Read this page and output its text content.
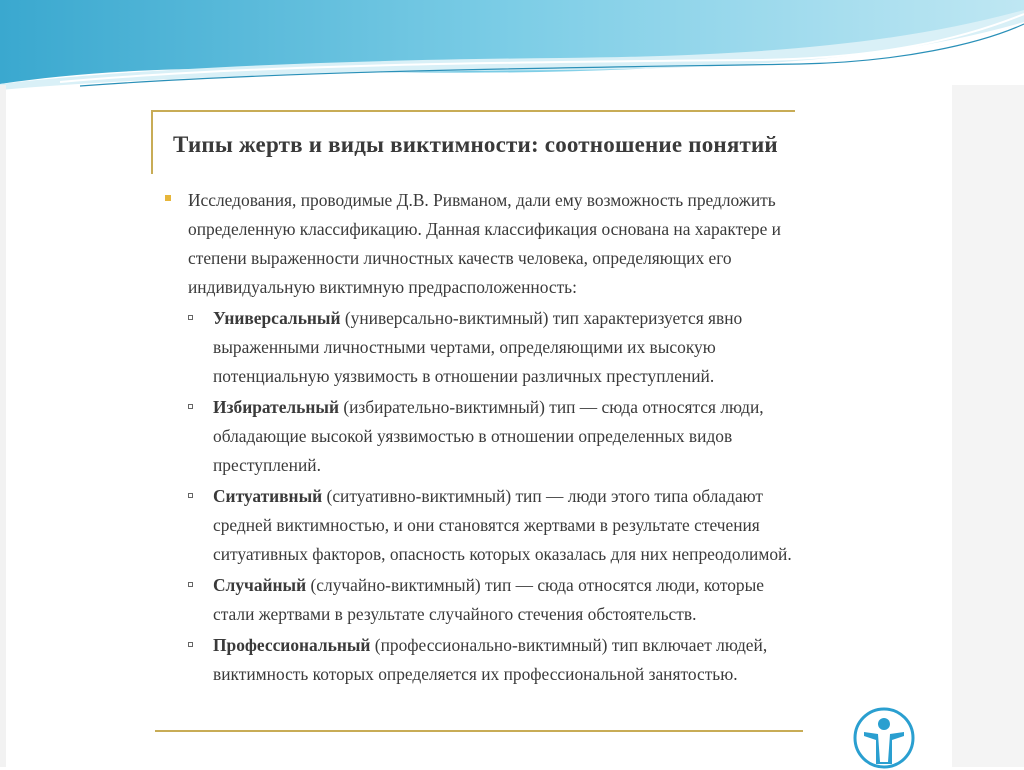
Типы жертв и виды виктимности: соотношение понятий
Исследования, проводимые Д.В. Ривманом, дали ему возможность предложить определенную классификацию. Данная классификация основана на характере и степени выраженности личностных качеств человека, определяющих его индивидуальную виктимную предрасположенность:
Универсальный (универсально-виктимный) тип характеризуется явно выраженными личностными чертами, определяющими их высокую потенциальную уязвимость в отношении различных преступлений.
Избирательный (избирательно-виктимный) тип — сюда относятся люди, обладающие высокой уязвимостью в отношении определенных видов преступлений.
Ситуативный (ситуативно-виктимный) тип — люди этого типа обладают средней виктимностью, и они становятся жертвами в результате стечения ситуативных факторов, опасность которых оказалась для них непреодолимой.
Случайный (случайно-виктимный) тип — сюда относятся люди, которые стали жертвами в результате случайного стечения обстоятельств.
Профессиональный (профессионально-виктимный) тип включает людей, виктимность которых определяется их профессиональной занятостью.
